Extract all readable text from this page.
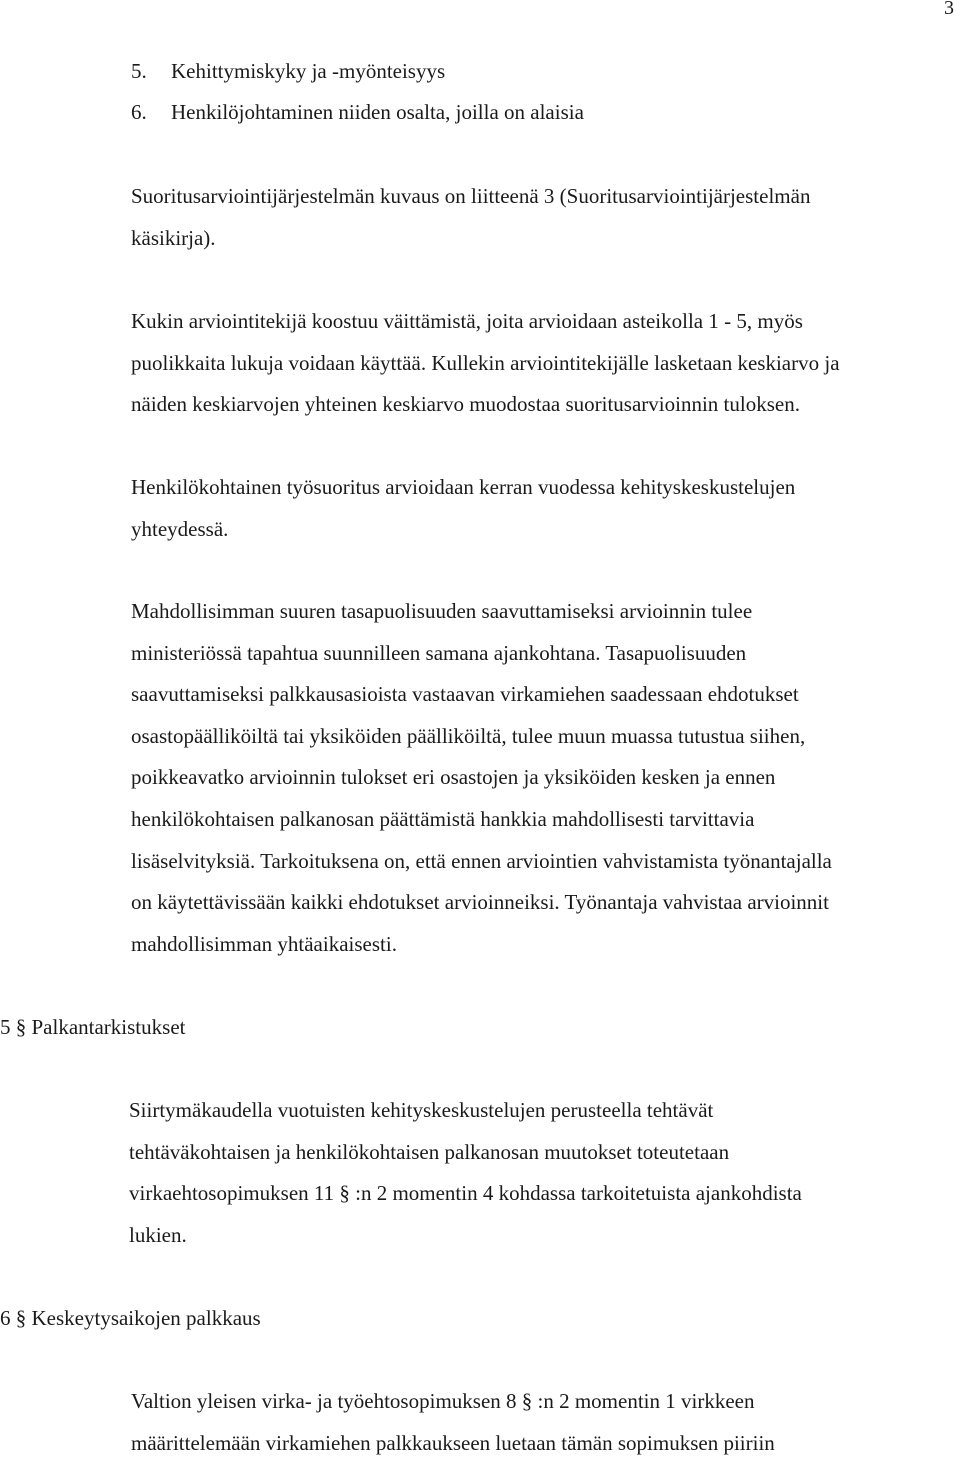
3
5. Kehittymiskyky ja -myönteisyys
6. Henkilöjohtaminen niiden osalta, joilla on alaisia
Suoritusarviointijärjestelmän kuvaus on liitteenä 3 (Suoritusarviointijärjestelmän
käsikirja).
Kukin arviointitekijä koostuu väittämistä, joita arvioidaan asteikolla 1 - 5, myös
puolikkaita lukuja voidaan käyttää. Kullekin arviointitekijälle lasketaan keskiarvo ja
näiden keskiarvojen yhteinen keskiarvo muodostaa suoritusarvioinnin tuloksen.
Henkilökohtainen työsuoritus arvioidaan kerran vuodessa kehityskeskustelujen
yhteydessä.
Mahdollisimman suuren tasapuolisuuden saavuttamiseksi arvioinnin tulee
ministeriössä tapahtua suunnilleen samana ajankohtana. Tasapuolisuuden
saavuttamiseksi palkkausasioista vastaavan virkamiehen saadessaan ehdotukset
osastopäälliköiltä tai yksiköiden päälliköiltä, tulee muun muassa tutustua siihen,
poikkeavatko arvioinnin tulokset eri osastojen ja yksiköiden kesken ja ennen
henkilökohtaisen palkanosan päättämistä hankkia mahdollisesti tarvittavia
lisäselvityksiä. Tarkoituksena on, että ennen arviointien vahvistamista työnantajalla
on käytettävissään kaikki ehdotukset arvioinneiksi. Työnantaja vahvistaa arvioinnit
mahdollisimman yhtäaikaisesti.
5 § Palkantarkistukset
Siirtymäkaudella vuotuisten kehityskeskustelujen perusteella tehtävät
tehtäväkohtaisen ja henkilökohtaisen palkanosan muutokset toteutetaan
virkaehtosopimuksen 11 § :n 2 momentin 4 kohdassa tarkoitetuista ajankohdista
lukien.
6 § Keskeytysaikojen palkkaus
Valtion yleisen virka- ja työehtosopimuksen 8 § :n 2 momentin 1 virkkeen
määrittelemään virkamiehen palkkaukseen luetaan tämän sopimuksen piiriin
